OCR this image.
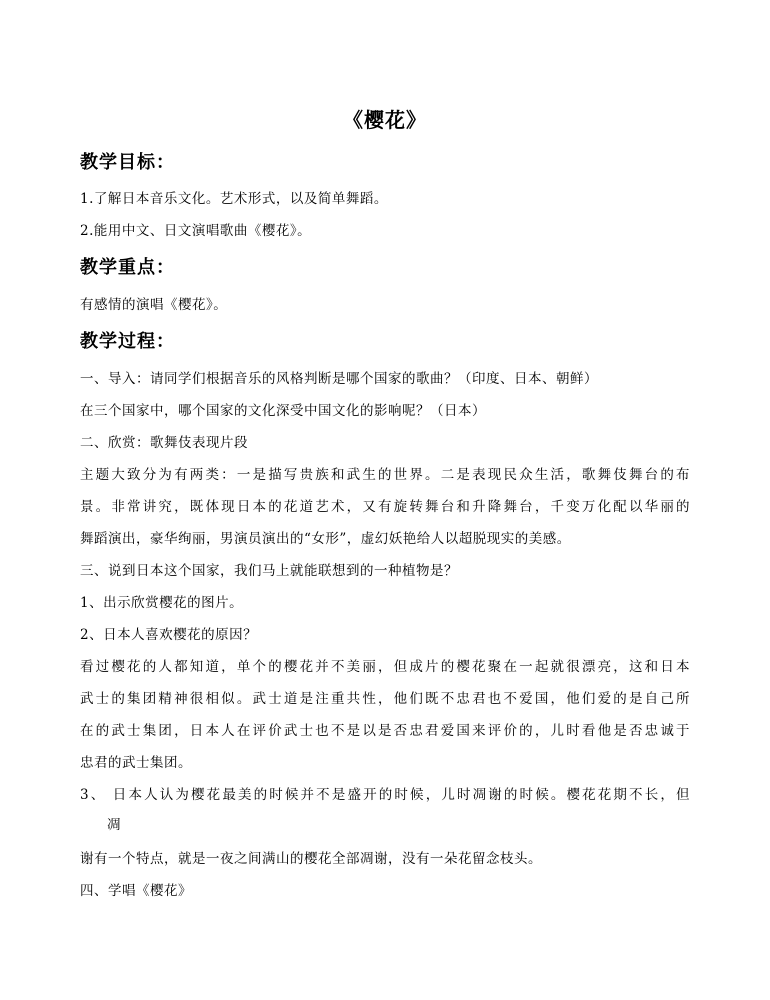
《樱花》
教学目标：
1.了解日本音乐文化。艺术形式，以及简单舞蹈。
2.能用中文、日文演唱歌曲《樱花》。
教学重点：
有感情的演唱《樱花》。
教学过程：
一、导入：请同学们根据音乐的风格判断是哪个国家的歌曲？（印度、日本、朝鲜）
在三个国家中，哪个国家的文化深受中国文化的影响呢？（日本）
二、欣赏：歌舞伎表现片段
主题大致分为有两类：一是描写贵族和武生的世界。二是表现民众生活，歌舞伎舞台的布
景。非常讲究，既体现日本的花道艺术，又有旋转舞台和升降舞台，千变万化配以华丽的
舞蹈演出，豪华绚丽，男演员演出的“女形”，虚幻妖艳给人以超脱现实的美感。
三、说到日本这个国家，我们马上就能联想到的一种植物是？
1、出示欣赏樱花的图片。
2、日本人喜欢樱花的原因？
看过樱花的人都知道，单个的樱花并不美丽，但成片的樱花聚在一起就很漂亮，这和日本
武士的集团精神很相似。武士道是注重共性，他们既不忠君也不爱国，他们爱的是自己所
在的武士集团，日本人在评价武士也不是以是否忠君爱国来评价的，儿时看他是否忠诚于
忠君的武士集团。
3、 日本人认为樱花最美的时候并不是盛开的时候，儿时凋谢的时候。樱花花期不长，但
凋
谢有一个特点，就是一夜之间满山的樱花全部凋谢，没有一朵花留念枝头。
四、学唱《樱花》
